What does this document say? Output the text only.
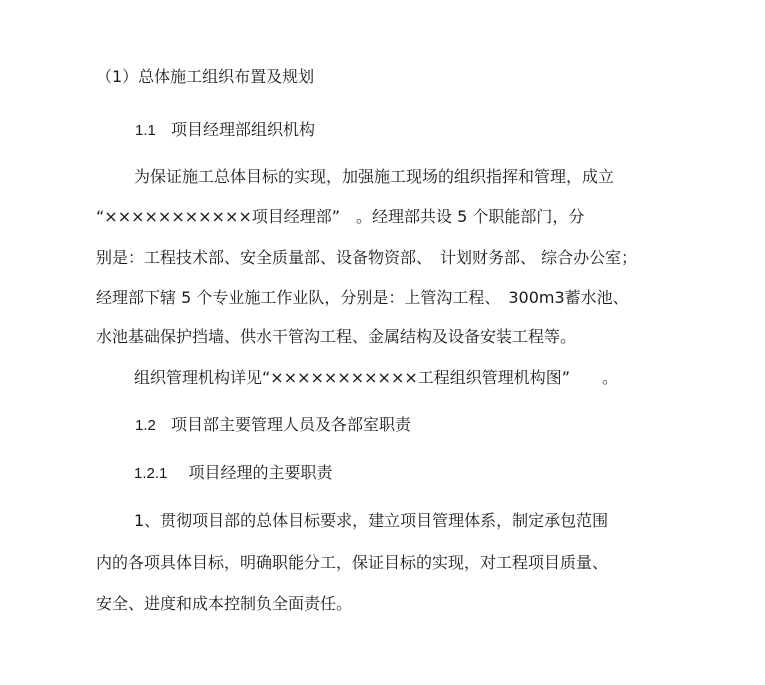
（1）总体施工组织布置及规划
1.1 项目经理部组织机构
为保证施工总体目标的实现，加强施工现场的组织指挥和管理，成立
“×××××××××××项目经理部”　。经理部共设 5 个职能部门，分
别是：工程技术部、安全质量部、设备物资部、　计划财务部、 综合办公室；
经理部下辖 5 个专业施工作业队，分别是：上管沟工程、　300m3蓄水池、
水池基础保护挡墙、供水干管沟工程、金属结构及设备安装工程等。
组织管理机构详见“×××××××××××工程组织管理机构图”　　。
1.2 项目部主要管理人员及各部室职责
1.2.1 项目经理的主要职责
1、贯彻项目部的总体目标要求，建立项目管理体系，制定承包范围
内的各项具体目标，明确职能分工，保证目标的实现，对工程项目质量、
安全、进度和成本控制负全面责任。
